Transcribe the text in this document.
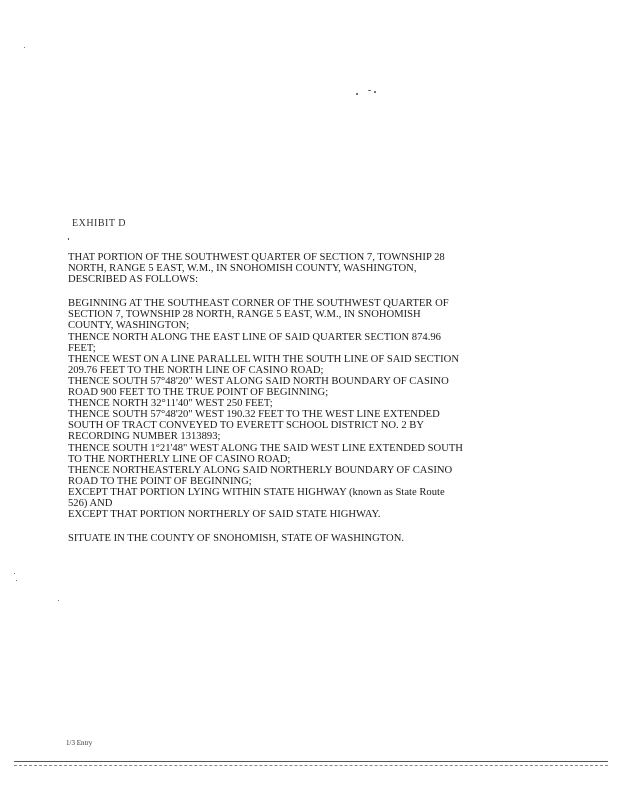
EXHIBIT D

THAT PORTION OF THE SOUTHWEST QUARTER OF SECTION 7, TOWNSHIP 28
NORTH, RANGE 5 EAST, W.M., IN SNOHOMISH COUNTY, WASHINGTON,
DESCRIBED AS FOLLOWS:

BEGINNING AT THE SOUTHEAST CORNER OF THE SOUTHWEST QUARTER OF
SECTION 7, TOWNSHIP 28 NORTH, RANGE 5 EAST, W.M., IN SNOHOMISH
COUNTY, WASHINGTON;
THENCE NORTH ALONG THE EAST LINE OF SAID QUARTER SECTION 874.96
FEET;
THENCE WEST ON A LINE PARALLEL WITH THE SOUTH LINE OF SAID SECTION
209.76 FEET TO THE NORTH LINE OF CASINO ROAD;
THENCE SOUTH 57°48'20" WEST ALONG SAID NORTH BOUNDARY OF CASINO
ROAD 900 FEET TO THE TRUE POINT OF BEGINNING;
THENCE NORTH 32°11'40" WEST 250 FEET;
THENCE SOUTH 57°48'20" WEST 190.32 FEET TO THE WEST LINE EXTENDED
SOUTH OF TRACT CONVEYED TO EVERETT SCHOOL DISTRICT NO. 2 BY
RECORDING NUMBER 1313893;
THENCE SOUTH 1°21'48" WEST ALONG THE SAID WEST LINE EXTENDED SOUTH
TO THE NORTHERLY LINE OF CASINO ROAD;
THENCE NORTHEASTERLY ALONG SAID NORTHERLY BOUNDARY OF CASINO
ROAD TO THE POINT OF BEGINNING;
EXCEPT THAT PORTION LYING WITHIN STATE HIGHWAY (known as State Route
526) AND
EXCEPT THAT PORTION NORTHERLY OF SAID STATE HIGHWAY.

SITUATE IN THE COUNTY OF SNOHOMISH, STATE OF WASHINGTON.

1/3 Entry
